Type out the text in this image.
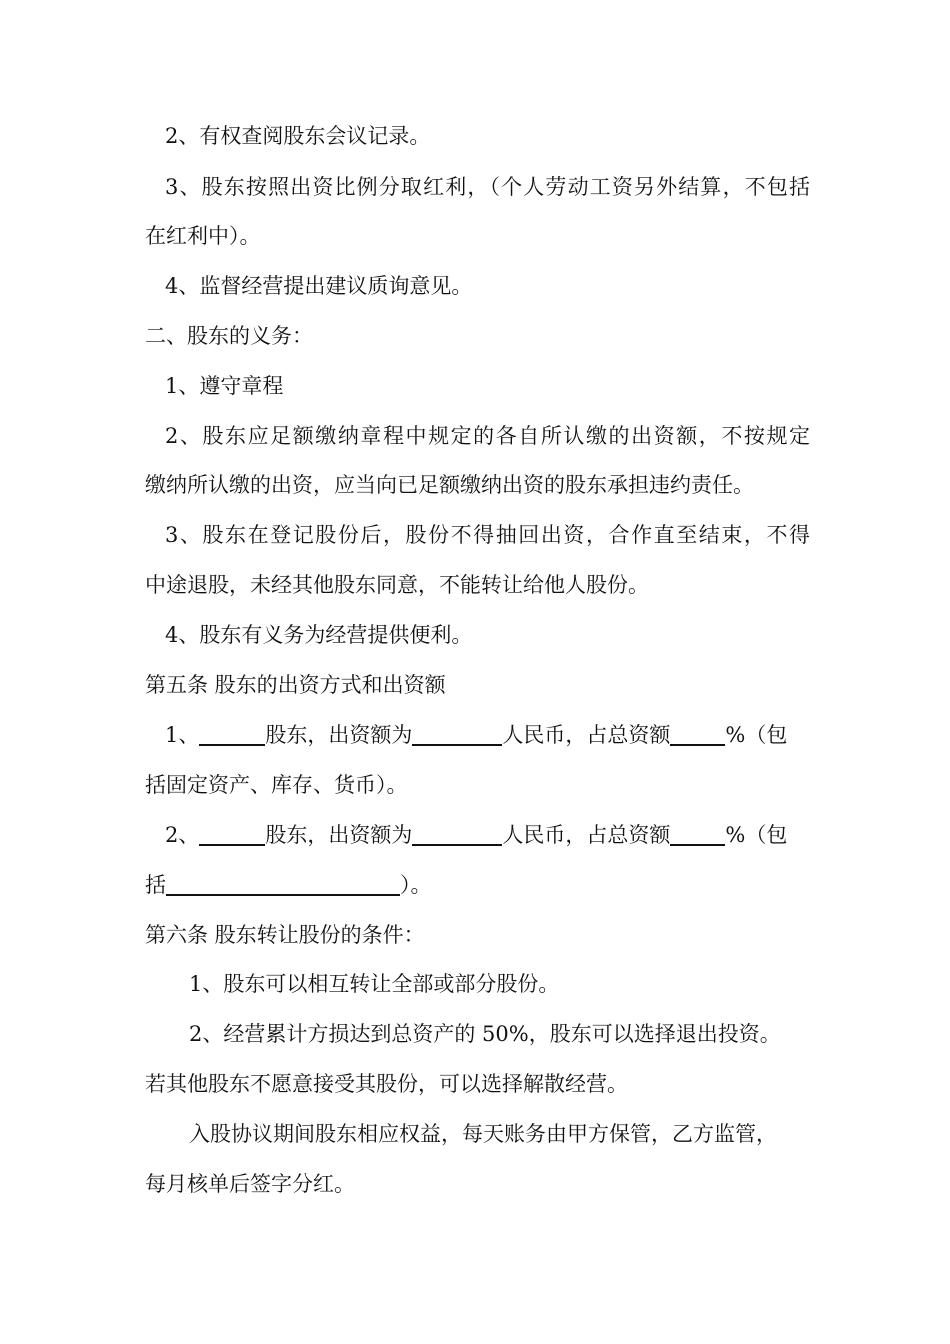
2、有权查阅股东会议记录。
3、股东按照出资比例分取红利，（个人劳动工资另外结算，不包括
在红利中）。
4、监督经营提出建议质询意见。
二、股东的义务：
1、遵守章程
2、股东应足额缴纳章程中规定的各自所认缴的出资额，不按规定
缴纳所认缴的出资，应当向已足额缴纳出资的股东承担违约责任。
3、股东在登记股份后，股份不得抽回出资，合作直至结束，不得
中途退股，未经其他股东同意，不能转让给他人股份。
4、股东有义务为经营提供便利。
第五条 股东的出资方式和出资额
1、	股东，出资额为	人民币，占总资额	%（包
括固定资产、库存、货币）。
2、	股东，出资额为	人民币，占总资额	%（包
括	）。
第六条 股东转让股份的条件：
1、股东可以相互转让全部或部分股份。
2、经营累计方损达到总资产的 50%，股东可以选择退出投资。
若其他股东不愿意接受其股份，可以选择解散经营。
入股协议期间股东相应权益，每天账务由甲方保管，乙方监管，
每月核单后签字分红。
